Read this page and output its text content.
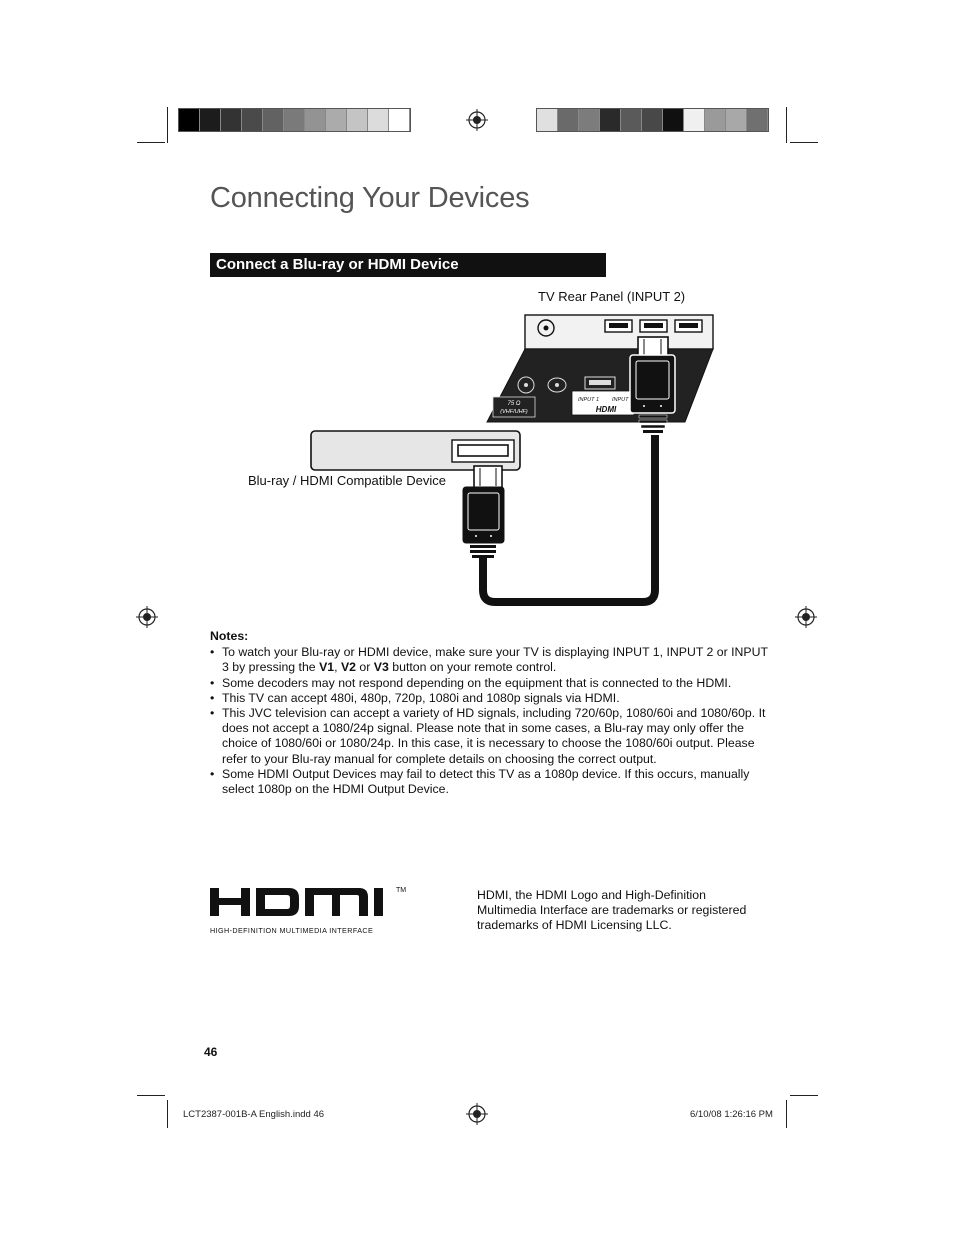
Connecting Your Devices
Connect a Blu-ray or HDMI Device
TV Rear Panel (INPUT 2)
Blu-ray / HDMI Compatible Device
75 Ω
(VHF/UHF)
INPUT 1 INPUT
HDMI
Notes:
• To watch your Blu-ray or HDMI device, make sure your TV is displaying INPUT 1, INPUT 2 or INPUT 3 by pressing the V1, V2 or V3 button on your remote control.
• Some decoders may not respond depending on the equipment that is connected to the HDMI.
• This TV can accept 480i, 480p, 720p, 1080i and 1080p signals via HDMI.
• This JVC television can accept a variety of HD signals, including 720/60p, 1080/60i and 1080/60p. It does not accept a 1080/24p signal. Please note that in some cases, a Blu-ray may only offer the choice of 1080/60i or 1080/24p. In this case, it is necessary to choose the 1080/60i output. Please refer to your Blu-ray manual for complete details on choosing the correct output.
• Some HDMI Output Devices may fail to detect this TV as a 1080p device. If this occurs, manually select 1080p on the HDMI Output Device.
TM
HIGH-DEFINITION MULTIMEDIA INTERFACE
HDMI, the HDMI Logo and High-Definition Multimedia Interface are trademarks or registered trademarks of HDMI Licensing LLC.
46
LCT2387-001B-A English.indd 46	6/10/08 1:26:16 PM
